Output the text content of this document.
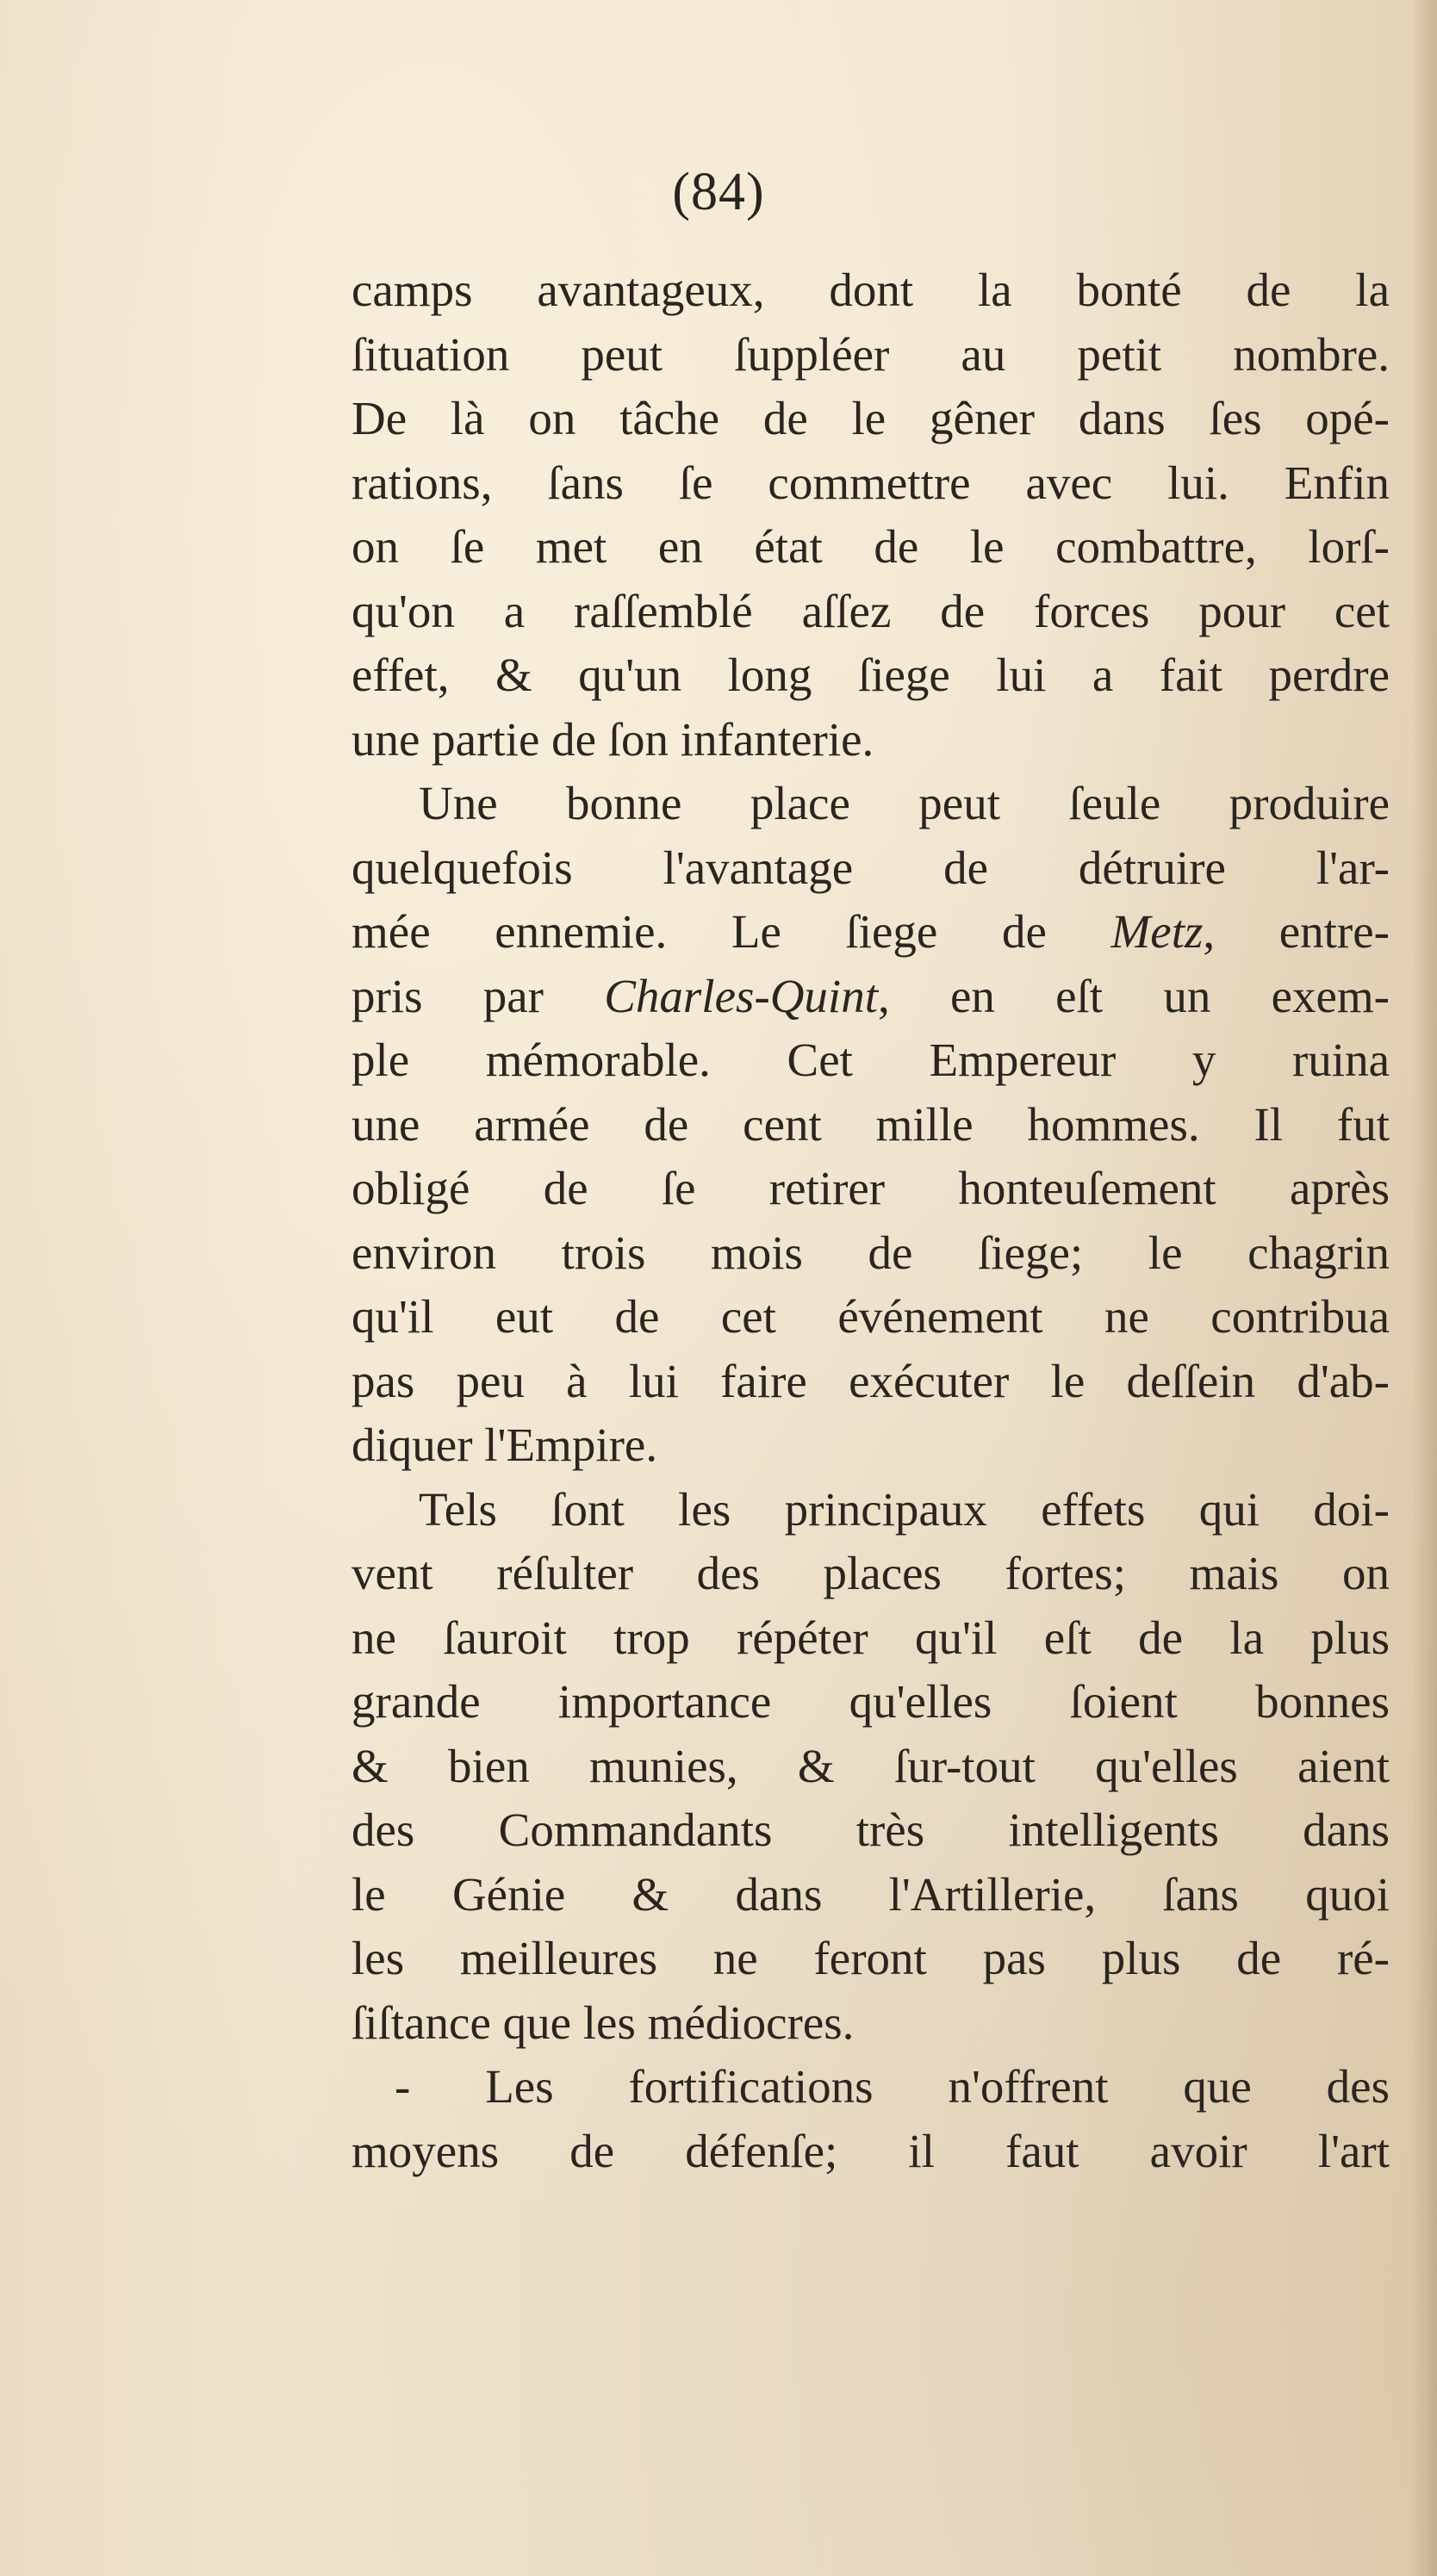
(84)
camps avantageux, dont la bonté de la
ſituation peut ſuppléer au petit nombre.
De là on tâche de le gêner dans ſes opé-
rations, ſans ſe commettre avec lui. Enfin
on ſe met en état de le combattre, lorſ-
qu'on a raſſemblé aſſez de forces pour cet
effet, & qu'un long ſiege lui a fait perdre
une partie de ſon infanterie.
Une bonne place peut ſeule produire
quelquefois l'avantage de détruire l'ar-
mée ennemie. Le ſiege de Metz, entre-
pris par Charles-Quint, en eſt un exem-
ple mémorable. Cet Empereur y ruina
une armée de cent mille hommes. Il fut
obligé de ſe retirer honteuſement après
environ trois mois de ſiege; le chagrin
qu'il eut de cet événement ne contribua
pas peu à lui faire exécuter le deſſein d'ab-
diquer l'Empire.
Tels ſont les principaux effets qui doi-
vent réſulter des places fortes; mais on
ne ſauroit trop répéter qu'il eſt de la plus
grande importance qu'elles ſoient bonnes
& bien munies, & ſur-tout qu'elles aient
des Commandants très intelligents dans
le Génie & dans l'Artillerie, ſans quoi
les meilleures ne feront pas plus de ré-
ſiſtance que les médiocres.
- Les fortifications n'offrent que des
moyens de défenſe; il faut avoir l'art
